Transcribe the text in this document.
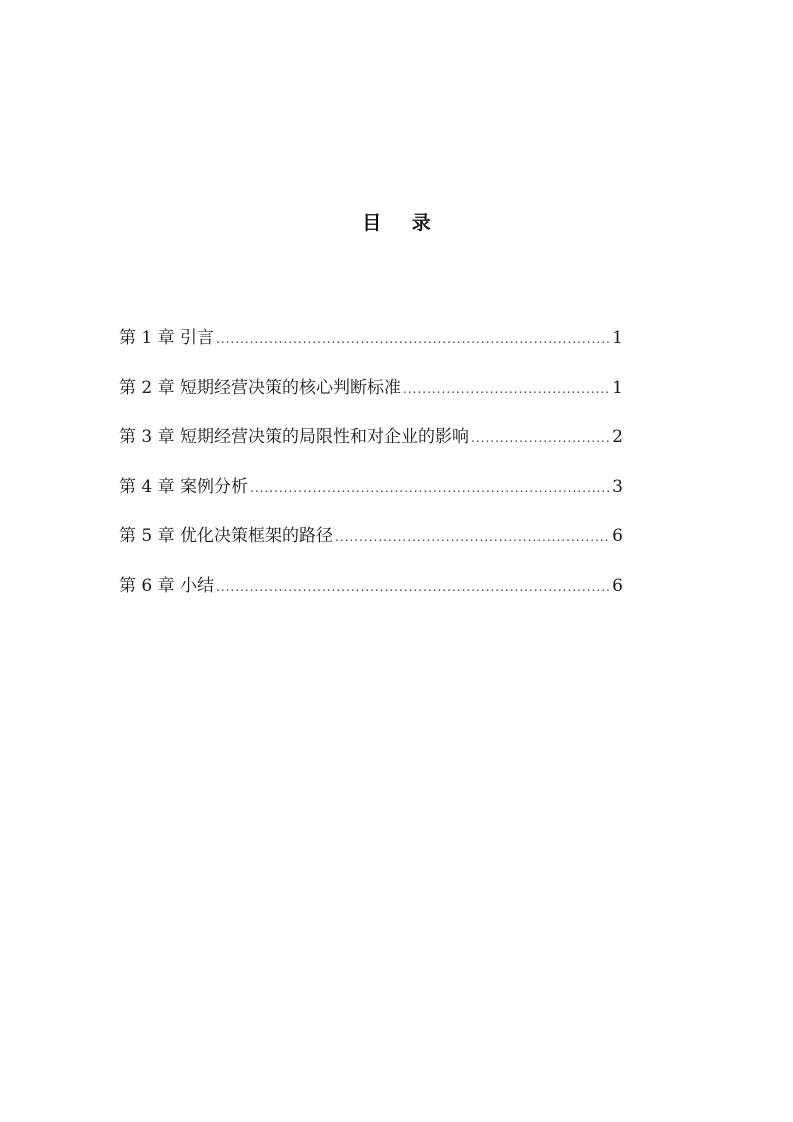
目 录
第 1 章 引言 .....	1
第 2 章 短期经营决策的核心判断标准 .....	1
第 3 章 短期经营决策的局限性和对企业的影响 .....	2
第 4 章 案例分析 .....	3
第 5 章 优化决策框架的路径 .....	6
第 6 章 小结 .....	6
